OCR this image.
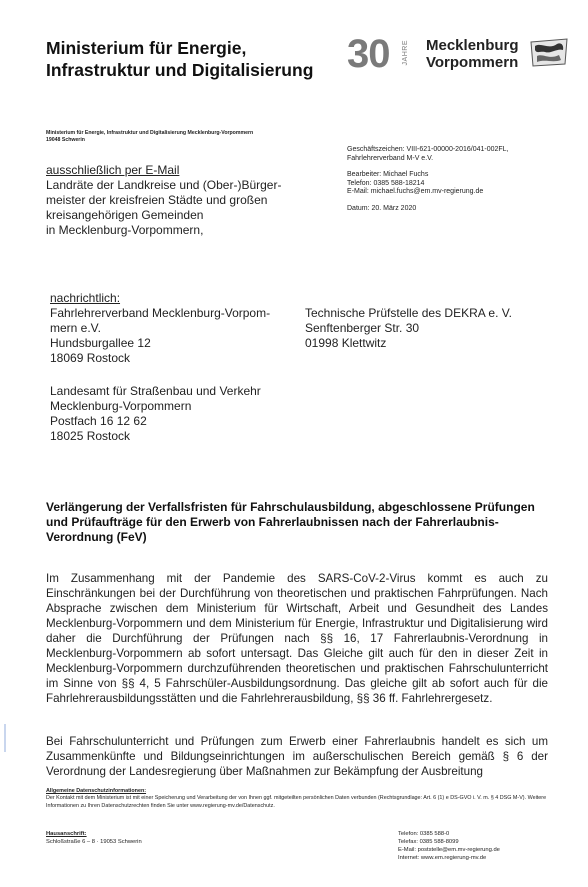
Ministerium für Energie,
Infrastruktur und Digitalisierung 30 JAHRE Mecklenburg
Vorpommern
Ministerium für Energie, Infrastruktur und Digitalisierung Mecklenburg-Vorpommern
19048 Schwerin
Geschäftszeichen: VIII-621-00000-2016/041-002FL,
Fahrlehrerverband M-V e.V.
Bearbeiter: Michael Fuchs
Telefon: 0385 588-18214
E-Mail: michael.fuchs@em.mv-regierung.de
Datum: 20. März 2020
ausschließlich per E-Mail
Landräte der Landkreise und (Ober-)Bürger-
meister der kreisfreien Städte und großen
kreisangehörigen Gemeinden
in Mecklenburg-Vorpommern,
nachrichtlich:
Fahrlehrerverband Mecklenburg-Vorpom-
mern e.V.
Hundsburgallee 12
18069 Rostock
Technische Prüfstelle des DEKRA e. V.
Senftenberger Str. 30
01998 Klettwitz
Landesamt für Straßenbau und Verkehr
Mecklenburg-Vorpommern
Postfach 16 12 62
18025 Rostock
Verlängerung der Verfallsfristen für Fahrschulausbildung, abgeschlossene Prüfungen und Prüfaufträge für den Erwerb von Fahrerlaubnissen nach der Fahrerlaubnis-Verordnung (FeV)
Im Zusammenhang mit der Pandemie des SARS-CoV-2-Virus kommt es auch zu Einschränkungen bei der Durchführung von theoretischen und praktischen Fahrprüfungen. Nach Absprache zwischen dem Ministerium für Wirtschaft, Arbeit und Gesundheit des Landes Mecklenburg-Vorpommern und dem Ministerium für Energie, Infrastruktur und Digitalisierung wird daher die Durchführung der Prüfungen nach §§ 16, 17 Fahrerlaubnis-Verordnung in Mecklenburg-Vorpommern ab sofort untersagt. Das Gleiche gilt auch für den in dieser Zeit in Mecklenburg-Vorpommern durchzuführenden theoretischen und praktischen Fahrschulunterricht im Sinne von §§ 4, 5 Fahrschüler-Ausbildungsordnung. Das gleiche gilt ab sofort auch für die Fahrlehrerausbildungsstätten und die Fahrlehrerausbildung, §§ 36 ff. Fahrlehrergesetz.
Bei Fahrschulunterricht und Prüfungen zum Erwerb einer Fahrerlaubnis handelt es sich um Zusammenkünfte und Bildungseinrichtungen im außerschulischen Bereich gemäß § 6 der Verordnung der Landesregierung über Maßnahmen zur Bekämpfung der Ausbreitung
Allgemeine Datenschutzinformationen:
Der Kontakt mit dem Ministerium ist mit einer Speicherung und Verarbeitung der von Ihnen ggf. mitgeteilten persönlichen Daten verbunden (Rechtsgrundlage: Art. 6 (1) e DS-GVO i. V. m. § 4 DSG M-V). Weitere Informationen zu Ihren Datenschutzrechten finden Sie unter www.regierung-mv.de/Datenschutz.
Hausanschrift:
Schloßstraße 6 – 8 · 19053 Schwerin
Telefon: 0385 588-0
Telefax: 0385 588-8099
E-Mail: poststelle@em.mv-regierung.de
Internet: www.em.regierung-mv.de
